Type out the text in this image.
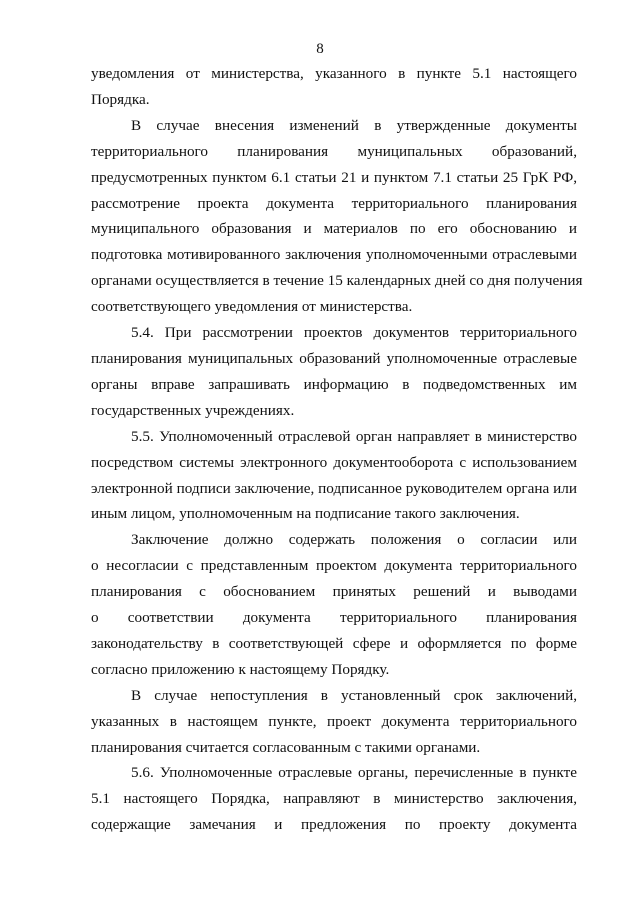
8

уведомления от министерства, указанного в пункте 5.1 настоящего

Порядка.

В случае внесения изменений в утвержденные документы

территориального планирования муниципальных образований,

предусмотренных пунктом 6.1 статьи 21 и пунктом 7.1 статьи 25 ГрК РФ,

рассмотрение проекта документа территориального планирования

муниципального образования и материалов по его обоснованию и

подготовка мотивированного заключения уполномоченными отраслевыми

органами осуществляется в течение 15 календарных дней со дня получения

соответствующего уведомления от министерства.

5.4. При рассмотрении проектов документов территориального

планирования муниципальных образований уполномоченные отраслевые

органы вправе запрашивать информацию в подведомственных им

государственных учреждениях.

5.5. Уполномоченный отраслевой орган направляет в министерство

посредством системы электронного документооборота с использованием

электронной подписи заключение, подписанное руководителем органа или

иным лицом, уполномоченным на подписание такого заключения.

Заключение должно содержать положения о согласии или

о несогласии с представленным проектом документа территориального

планирования с обоснованием принятых решений и выводами

о соответствии документа территориального планирования

законодательству в соответствующей сфере и оформляется по форме

согласно приложению к настоящему Порядку.

В случае непоступления в установленный срок заключений,

указанных в настоящем пункте, проект документа территориального

планирования считается согласованным с такими органами.

5.6. Уполномоченные отраслевые органы, перечисленные в пункте

5.1 настоящего Порядка, направляют в министерство заключения,

содержащие замечания и предложения по проекту документа
